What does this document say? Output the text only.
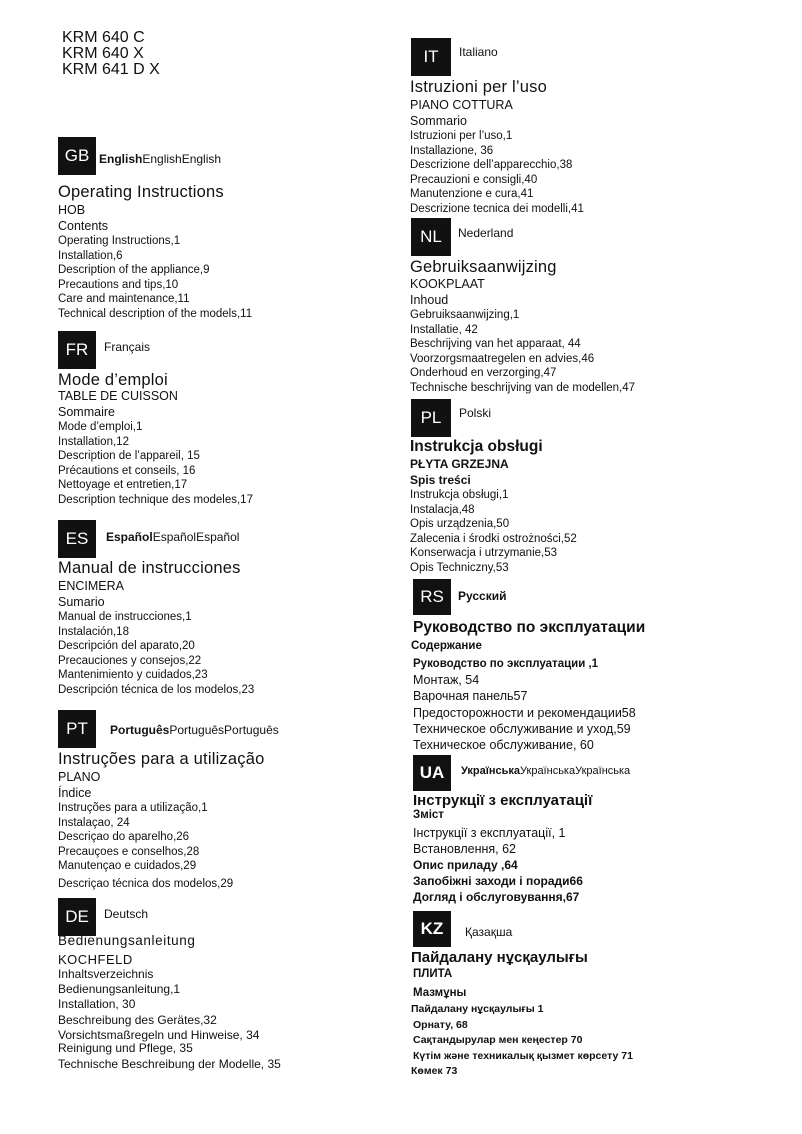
KRM 640 C
KRM 640 X
KRM 641 D X
GB EnglishEnglishEnglish
Operating Instructions
HOB
Contents
Operating Instructions,1
Installation,6
Description of the appliance,9
Precautions and tips,10
Care and maintenance,11
Technical description of the models,11
FR	Français
Mode d’emploi
TABLE DE CUISSON
Sommaire
Mode d’emploi,1
Installation,12
Description de l’appareil, 15
Précautions et conseils, 16
Nettoyage et entretien,17
Description technique des modeles,17
ES	EspañolEspañolEspañol
Manual de instrucciones
ENCIMERA
Sumario
Manual de instrucciones,1
Instalación,18
Descripción del aparato,20
Precauciones y consejos,22
Mantenimiento y cuidados,23
Descripción técnica de los modelos,23
PT	PortuguêsPortuguêsPortuguês
Instruções para a utilização
PLANO
Índice
Instruções para a utilização,1
Instalaçao, 24
Descriçao do aparelho,26
Precauçoes e conselhos,28
Manutençao e cuidados,29
Descriçao técnica dos modelos,29
DE	Deutsch
Bedienungsanleitung
KOCHFELD
Inhaltsverzeichnis
Bedienungsanleitung,1
Installation, 30
Beschreibung des Gerätes,32
Vorsichtsmaßregeln und Hinweise, 34
Reinigung und Pflege, 35
Technische Beschreibung der Modelle, 35
IT	Italiano
Istruzioni per l’uso
PIANO COTTURA
Sommario
Istruzioni per l’uso,1
Installazione, 36
Descrizione dell’apparecchio,38
Precauzioni e consigli,40
Manutenzione e cura,41
Descrizione tecnica dei modelli,41
NL	Nederland
Gebruiksaanwijzing
KOOKPLAAT
Inhoud
Gebruiksaanwijzing,1
Installatie, 42
Beschrijving van het apparaat, 44
Voorzorgsmaatregelen en advies,46
Onderhoud en verzorging,47
Technische beschrijving van de modellen,47
PL	Polski
Instrukcja obsługi
PŁYTA GRZEJNA
Spis treści
Instrukcja obsługi,1
Instalacja,48
Opis urządzenia,50
Zalecenia i środki ostrożności,52
Konserwacja i utrzymanie,53
Opis Techniczny,53
RS	Русский
Руководство по эксплуатации
Содержание
Руководство по эксплуатации ,1
Монтаж, 54
Варочная панель57
Предосторожности и рекомендации58
Техническое обслуживание и уход,59
Техническое обслуживание, 60
UA	УкраїнськаУкраїнськаУкраїнська
Інструкції з експлуатації
Зміст
Інструкції з експлуатації, 1
Встановлення, 62
Опис приладу ,64
Запобіжні заходи і поради66
Догляд і обслуговування,67
KZ	Қазақша
Пайдалану нұсқаулығы
ПЛИТА
Мазмұны
Пайдалану нұсқаулығы 1
Орнату, 68
Сақтандырулар мен кеңестер 70
Күтім және техникалық қызмет көрсету 71
Көмек 73
